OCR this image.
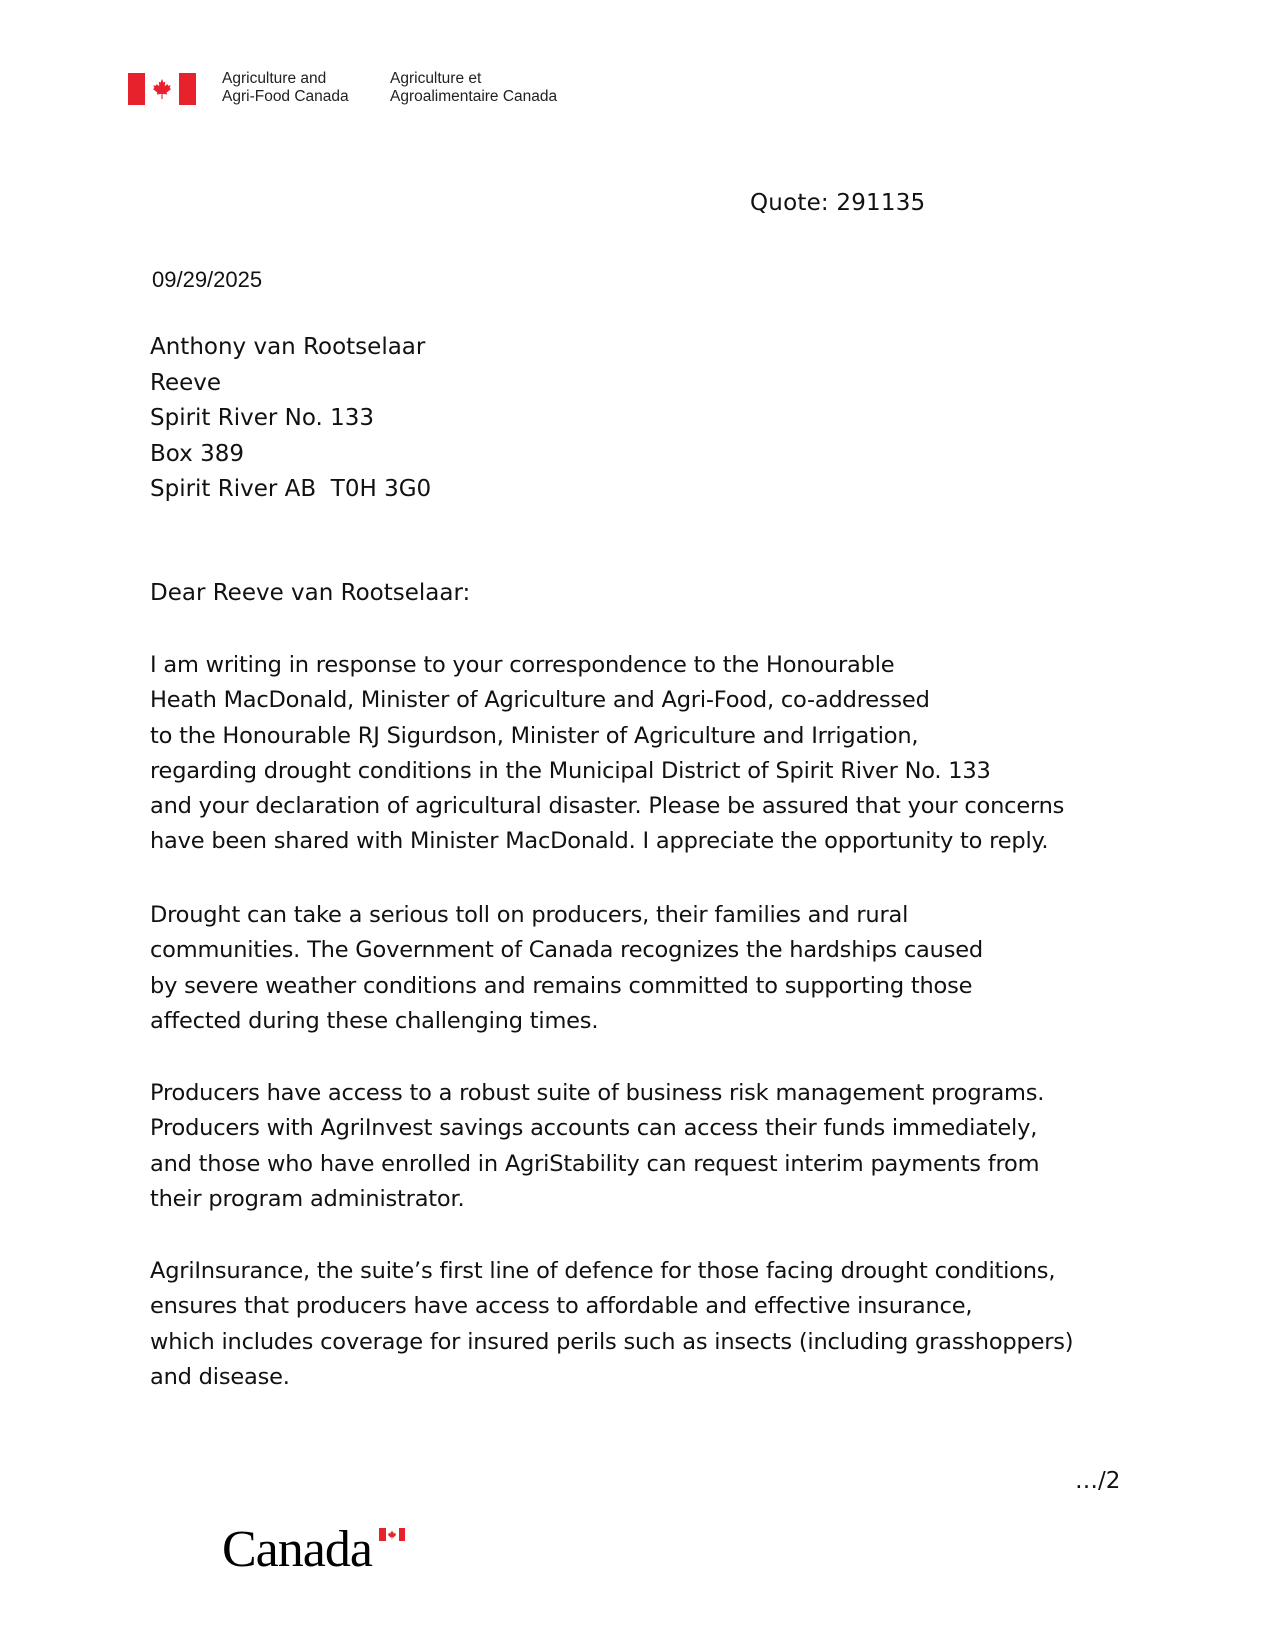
Agriculture and
Agri-Food Canada
Agriculture et
Agroalimentaire Canada
Quote: 291135
09/29/2025
Anthony van Rootselaar
Reeve
Spirit River No. 133
Box 389
Spirit River AB  T0H 3G0
Dear Reeve van Rootselaar:
I am writing in response to your correspondence to the Honourable
Heath MacDonald, Minister of Agriculture and Agri-Food, co-addressed
to the Honourable RJ Sigurdson, Minister of Agriculture and Irrigation,
regarding drought conditions in the Municipal District of Spirit River No. 133
and your declaration of agricultural disaster. Please be assured that your concerns
have been shared with Minister MacDonald. I appreciate the opportunity to reply.
Drought can take a serious toll on producers, their families and rural
communities. The Government of Canada recognizes the hardships caused
by severe weather conditions and remains committed to supporting those
affected during these challenging times.
Producers have access to a robust suite of business risk management programs.
Producers with AgriInvest savings accounts can access their funds immediately,
and those who have enrolled in AgriStability can request interim payments from
their program administrator.
AgriInsurance, the suite’s first line of defence for those facing drought conditions,
ensures that producers have access to affordable and effective insurance,
which includes coverage for insured perils such as insects (including grasshoppers)
and disease.
…/2
Canada
